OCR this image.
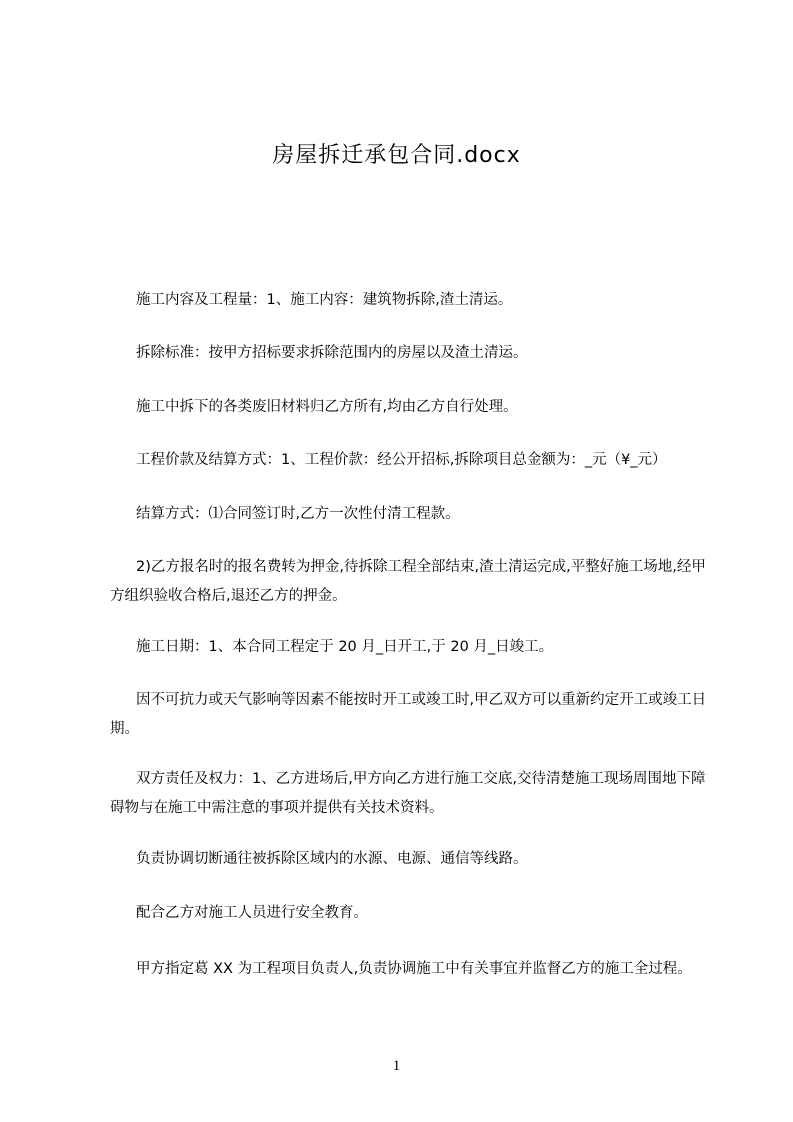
房屋拆迁承包合同.docx

施工内容及工程量：1、施工内容：建筑物拆除,渣土清运。

拆除标准：按甲方招标要求拆除范围内的房屋以及渣土清运。

施工中拆下的各类废旧材料归乙方所有,均由乙方自行处理。

工程价款及结算方式：1、工程价款：经公开招标,拆除项目总金额为：_元（¥_元）

结算方式：⑴合同签订时,乙方一次性付清工程款。

2)乙方报名时的报名费转为押金,待拆除工程全部结束,渣土清运完成,平整好施工场地,经甲方组织验收合格后,退还乙方的押金。

施工日期：1、本合同工程定于 20 月_日开工,于 20 月_日竣工。

因不可抗力或天气影响等因素不能按时开工或竣工时,甲乙双方可以重新约定开工或竣工日期。

双方责任及权力：1、乙方进场后,甲方向乙方进行施工交底,交待清楚施工现场周围地下障碍物与在施工中需注意的事项并提供有关技术资料。

负责协调切断通往被拆除区域内的水源、电源、通信等线路。

配合乙方对施工人员进行安全教育。

甲方指定葛 XX 为工程项目负责人,负责协调施工中有关事宜并监督乙方的施工全过程。

1
